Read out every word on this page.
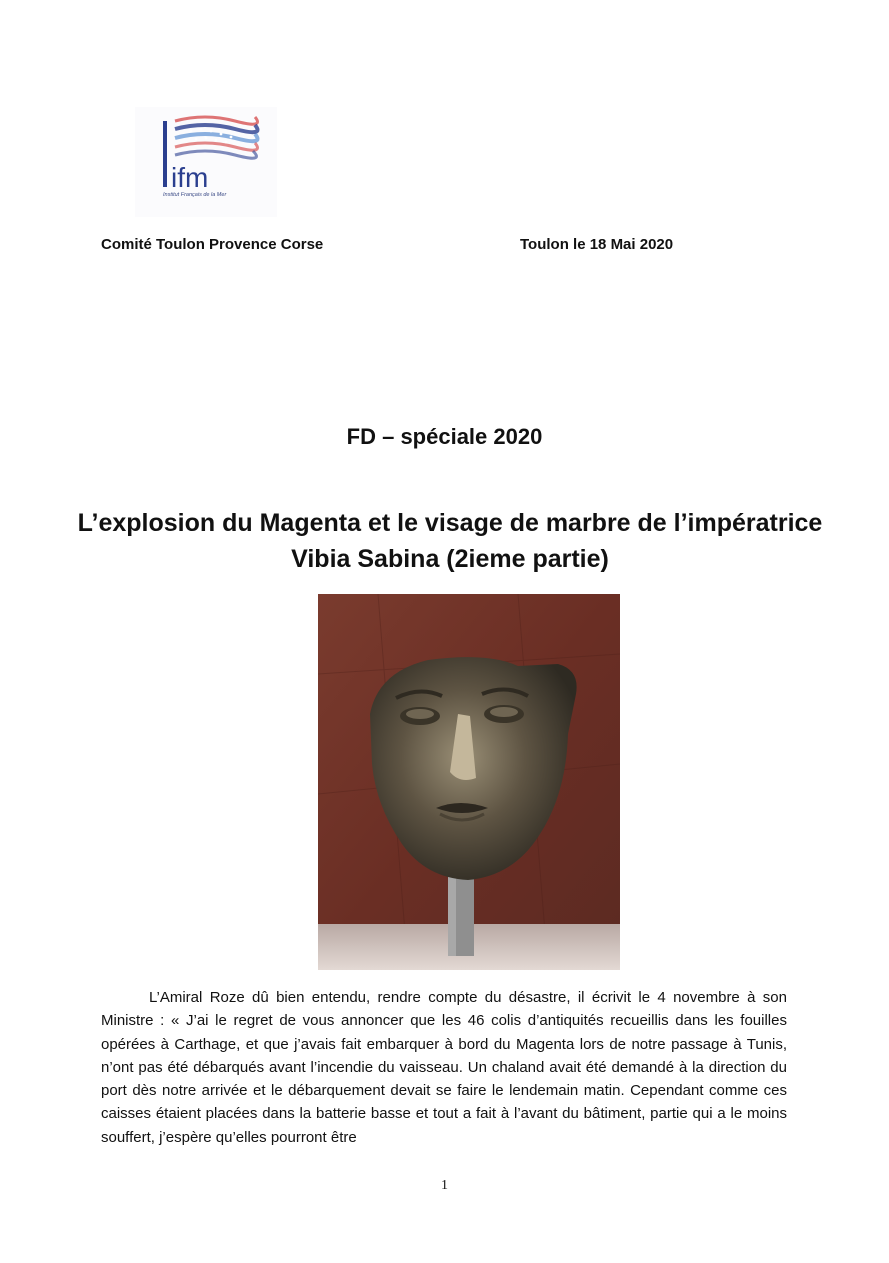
ifm
Institut Français de la Mer
Comité Toulon Provence Corse	Toulon le 18 Mai 2020
FD – spéciale 2020
L’explosion du Magenta et le visage de marbre de l’impératrice Vibia Sabina (2ieme partie)
L’Amiral Roze dû bien entendu, rendre compte du désastre, il écrivit le 4 novembre à son Ministre : « J’ai le regret de vous annoncer que les 46 colis d’antiquités recueillis dans les fouilles opérées à Carthage, et que j’avais fait embarquer à bord du Magenta lors de notre passage à Tunis, n’ont pas été débarqués avant l’incendie du vaisseau. Un chaland avait été demandé à la direction du port dès notre arrivée et le débarquement devait se faire le lendemain matin. Cependant comme ces caisses étaient placées dans la batterie basse et tout a fait à l’avant du bâtiment, partie qui a le moins souffert, j’espère qu’elles pourront être
1
